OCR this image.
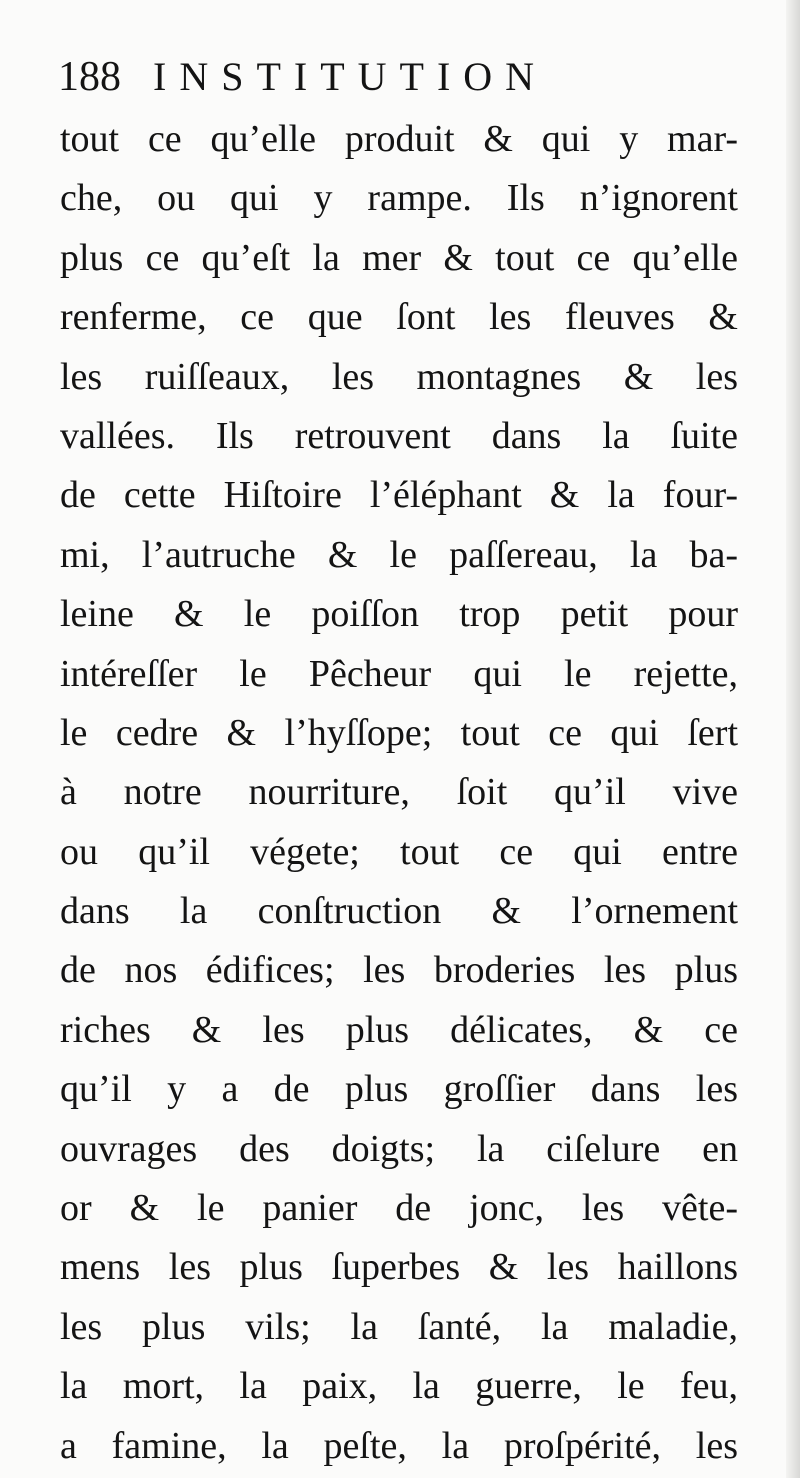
188 INSTITUTION
tout ce qu’elle produit & qui y mar-
che, ou qui y rampe. Ils n’ignorent
plus ce qu’eſt la mer & tout ce qu’elle
renferme, ce que ſont les fleuves &
les ruiſſeaux, les montagnes & les
vallées. Ils retrouvent dans la ſuite
de cette Hiſtoire l’éléphant & la four-
mi, l’autruche & le paſſereau, la ba-
leine & le poiſſon trop petit pour
intéreſſer le Pêcheur qui le rejette,
le cedre & l’hyſſope; tout ce qui ſert
à notre nourriture, ſoit qu’il vive
ou qu’il végete; tout ce qui entre
dans la conſtruction & l’ornement
de nos édifices; les broderies les plus
riches & les plus délicates, & ce
qu’il y a de plus groſſier dans les
ouvrages des doigts; la ciſelure en
or & le panier de jonc, les vête-
mens les plus ſuperbes & les haillons
les plus vils; la ſanté, la maladie,
la mort, la paix, la guerre, le feu,
a famine, la peſte, la proſpérité, les
